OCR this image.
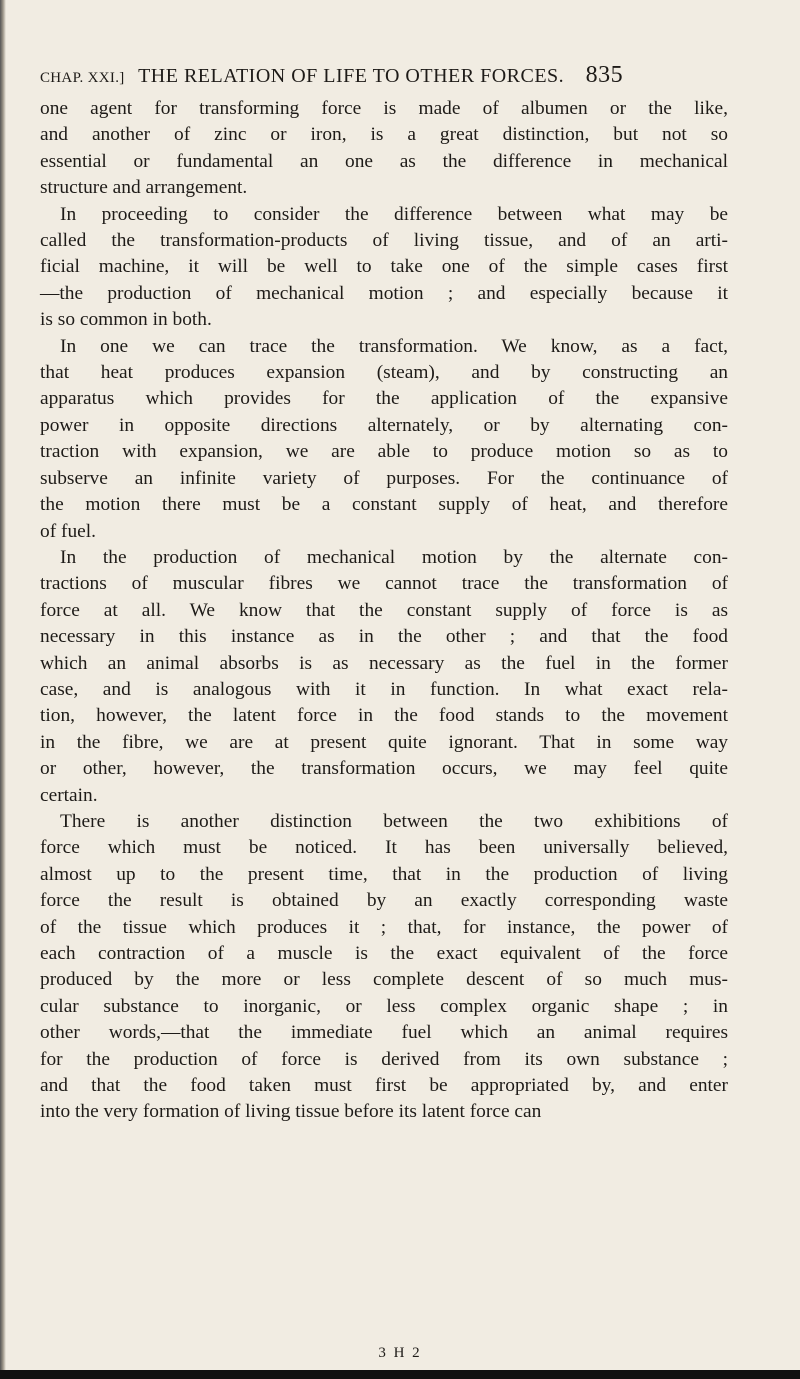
CHAP. XXI.] THE RELATION OF LIFE TO OTHER FORCES. 835

one agent for transforming force is made of albumen or the like,
and another of zinc or iron, is a great distinction, but not so
essential or fundamental an one as the difference in mechanical
structure and arrangement.

In proceeding to consider the difference between what may be
called the transformation-products of living tissue, and of an arti-
ficial machine, it will be well to take one of the simple cases first
—the production of mechanical motion ; and especially because it
is so common in both.

In one we can trace the transformation. We know, as a fact,
that heat produces expansion (steam), and by constructing an
apparatus which provides for the application of the expansive
power in opposite directions alternately, or by alternating con-
traction with expansion, we are able to produce motion so as to
subserve an infinite variety of purposes. For the continuance of
the motion there must be a constant supply of heat, and therefore
of fuel.

In the production of mechanical motion by the alternate con-
tractions of muscular fibres we cannot trace the transformation of
force at all. We know that the constant supply of force is as
necessary in this instance as in the other ; and that the food
which an animal absorbs is as necessary as the fuel in the former
case, and is analogous with it in function. In what exact rela-
tion, however, the latent force in the food stands to the movement
in the fibre, we are at present quite ignorant. That in some way
or other, however, the transformation occurs, we may feel quite
certain.

There is another distinction between the two exhibitions of
force which must be noticed. It has been universally believed,
almost up to the present time, that in the production of living
force the result is obtained by an exactly corresponding waste
of the tissue which produces it ; that, for instance, the power of
each contraction of a muscle is the exact equivalent of the force
produced by the more or less complete descent of so much mus-
cular substance to inorganic, or less complex organic shape ; in
other words,—that the immediate fuel which an animal requires
for the production of force is derived from its own substance ;
and that the food taken must first be appropriated by, and enter
into the very formation of living tissue before its latent force can

3 H 2
